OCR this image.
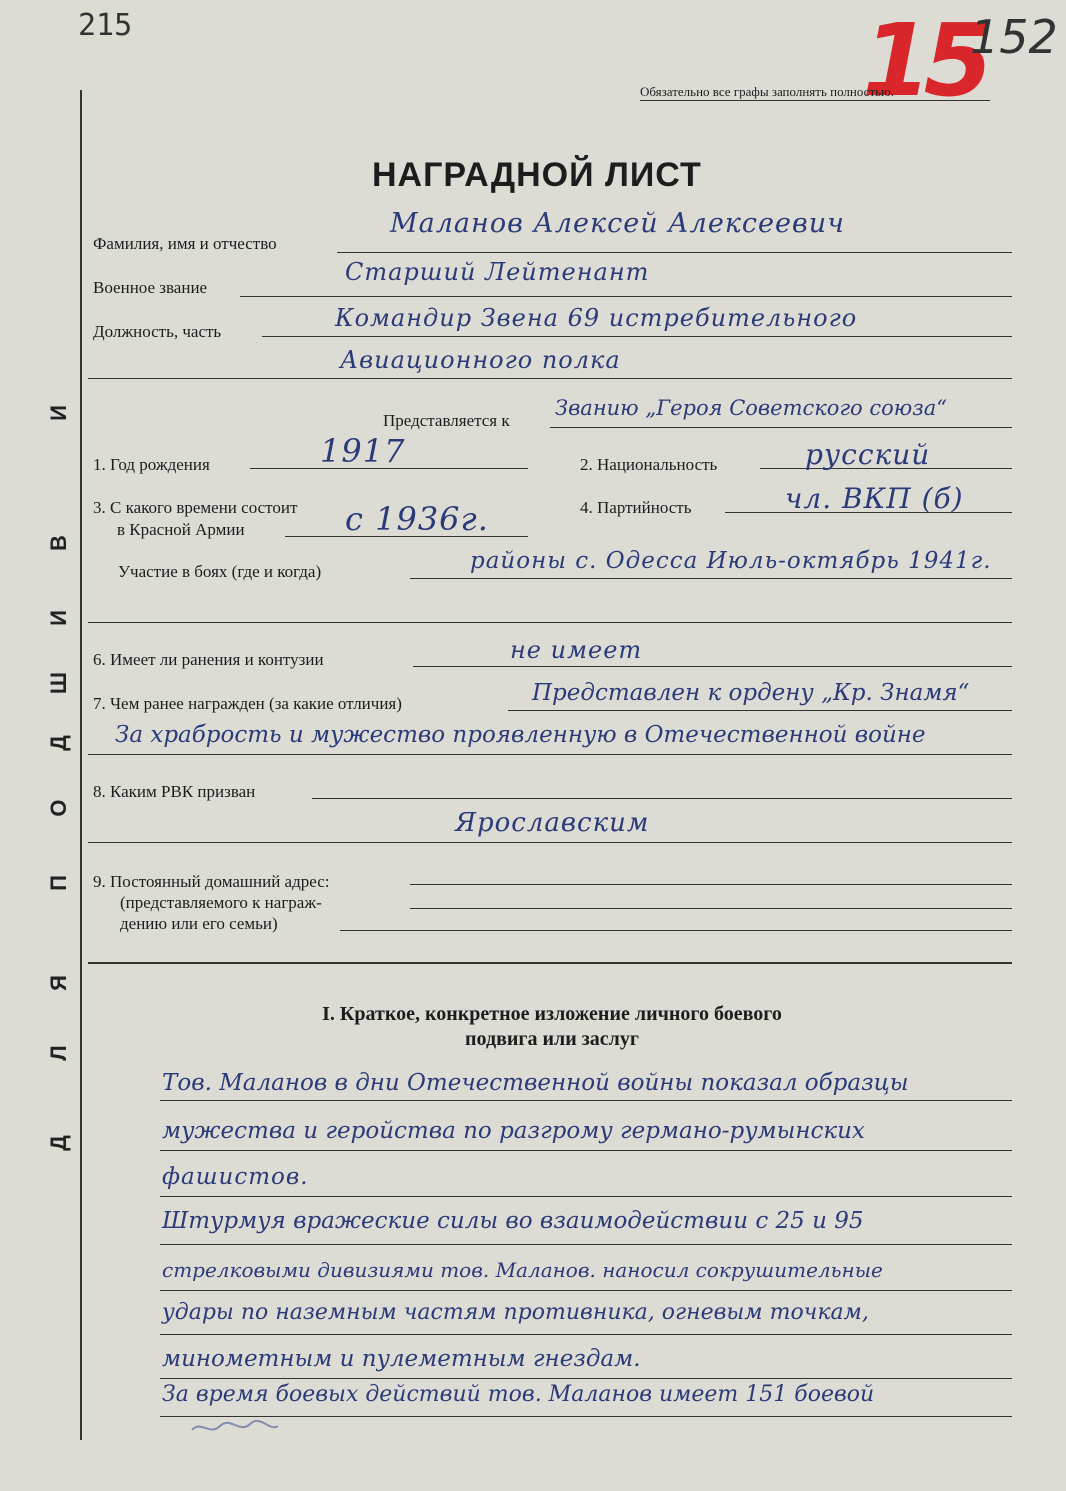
215	15
152
Обязательно все графы заполнять полностью.
Д
Л
Я
П
О
Д
Ш
И
В
И
НАГРАДНОЙ ЛИСТ
Фамилия, имя и отчество
Маланов Алексей Алексеевич
Военное звание
Старший Лейтенант
Должность, часть	Командир Звена 69 истребительного
Авиационного полка
Представляется к
Званию „Героя Советского союза“
1. Год рождения	1917	2. Национальность	русский
3. С какого времени состоит
в Красной Армии	с 1936г.	4. Партийность	чл. ВКП (б)
Участие в боях (где и когда)	районы с. Одесса Июль-октябрь 1941г.
6. Имеет ли ранения и контузии	не имеет
7. Чем ранее награжден (за какие отличия)	Представлен к ордену „Кр. Знамя“
За храбрость и мужество проявленную в Отечественной войне
8. Каким РВК призван
Ярославским
9. Постоянный домашний адрес:
(представляемого к награж-
дению или его семьи)
I. Краткое, конкретное изложение личного боевого
подвига или заслуг
Тов. Маланов в дни Отечественной войны показал образцы
мужества и геройства по разгрому германо-румынских
фашистов.
Штурмуя вражеские силы во взаимодействии с 25 и 95
стрелковыми дивизиями тов. Маланов. наносил сокрушительные
удары по наземным частям противника, огневым точкам,
минометным и пулеметным гнездам.
За время боевых действий тов. Маланов имеет 151 боевой
